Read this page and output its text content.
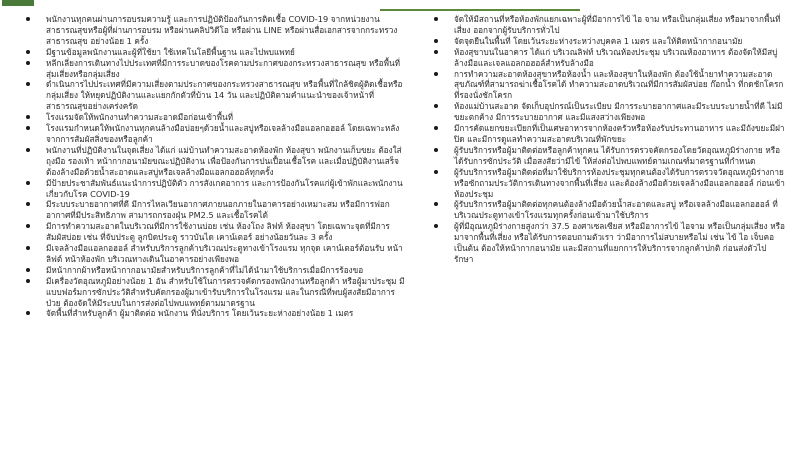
พนักงานทุกคนผ่านการอบรมความรู้ และการปฏิบัติป้องกันการติดเชื้อ COVID-19 จากหน่วยงานสาธารณสุขหรือผู้ที่ผ่านการอบรม หรือผ่านคลิปวิดีโอ หรือผ่าน LINE หรือผ่านสื่อเอกสารจากกระทรวงสาธารณสุข อย่างน้อย 1 ครั้ง
มีฐานข้อมูลพนักงานและผู้ที่ใช้ยา ใช้เทคโนโลยีพื้นฐาน และไปพบแพทย์
หลีกเลี่ยงการเดินทางไปประเทศที่มีการระบาดของโรคตามประกาศของกระทรวงสาธารณสุข หรือพื้นที่สุ่มเสี่ยงหรือกลุ่มเสี่ยง
ดำเนินการไปประเทศที่มีความเสี่ยงตามประกาศของกระทรวงสาธารณสุข หรือพื้นที่ใกล้ชิดผู้ติดเชื้อหรือกลุ่มเสี่ยง ให้หยุดปฏิบัติงานและแยกกักตัวที่บ้าน 14 วัน และปฏิบัติตามคำแนะนำของเจ้าหน้าที่สาธารณสุขอย่างเคร่งครัด
โรงแรมจัดให้พนักงานทำความสะอาดมือก่อนเข้าพื้นที่
โรงแรมกำหนดให้พนักงานทุกคนล้างมือบ่อยๆด้วยน้ำและสบู่หรือเจลล้างมือแอลกอฮอล์ โดยเฉพาะหลังจากการสัมผัสสิ่งของหรือลูกค้า
พนักงานที่ปฏิบัติงานในจุดเสี่ยง ได้แก่ แม่บ้านทำความสะอาดห้องพัก ห้องสุขา พนักงานเก็บขยะ ต้องใส่ถุงมือ รองเท้า หน้ากากอนามัยขณะปฏิบัติงาน เพื่อป้องกันการปนเปื้อนเชื้อโรค และเมื่อปฏิบัติงานเสร็จต้องล้างมือด้วยน้ำสะอาดและสบู่หรือเจลล้างมือแอลกอฮอล์ทุกครั้ง
มีป้ายประชาสัมพันธ์แนะนำการปฏิบัติตัว การสังเกตอาการ และการป้องกันโรคแก่ผู้เข้าพักและพนักงานเกี่ยวกับโรค COVID-19
มีระบบระบายอากาศที่ดี มีการไหลเวียนอากาศภายนอกภายในอาคารอย่างเหมาะสม หรือมีการฟอกอากาศที่มีประสิทธิภาพ สามารถกรองฝุ่น PM2.5 และเชื้อโรคได้
มีการทำความสะอาดในบริเวณที่มีการใช้งานบ่อย เช่น ห้องโถง ลิฟท์ ห้องสุขา โดยเฉพาะจุดที่มีการสัมผัสบ่อย เช่น ที่จับประตู ลูกบิดประตู ราวบันได เคาน์เตอร์ อย่างน้อยวันละ 3 ครั้ง
มีเจลล้างมือแอลกอฮอล์ สำหรับบริการลูกค้าบริเวณประตูทางเข้าโรงแรม ทุกจุด เคาน์เตอร์ต้อนรับ หน้าลิฟต์ หน้าห้องพัก บริเวณทางเดินในอาคารอย่างเพียงพอ
มีหน้ากากผ้าหรือหน้ากากอนามัยสำหรับบริการลูกค้าที่ไม่ได้นำมาใช้บริการเมื่อมีการร้องขอ
มีเครื่องวัดอุณหภูมิอย่างน้อย 1 อัน สำหรับใช้ในการตรวจคัดกรองพนักงานหรือลูกค้า หรือผู้มาประชุม มีแบบฟอร์มการซักประวัติสำหรับคัดกรองผู้มาเข้ารับบริการในโรงแรม และในกรณีที่พบผู้สงสัยมีอาการป่วย ต้องจัดให้มีระบบในการส่งต่อไปพบแพทย์ตามมาตรฐาน
จัดพื้นที่สำหรับลูกค้า ผู้มาติดต่อ พนักงาน ที่นั่งบริการ โดยเว้นระยะห่างอย่างน้อย 1 เมตร
จัดให้มีสถานที่หรือห้องพักแยกเฉพาะผู้ที่มีอาการไข้ ไอ จาม หรือเป็นกลุ่มเสี่ยง หรือมาจากพื้นที่เสี่ยง ออกจากผู้รับบริการทั่วไป
จัดจุดยืนในพื้นที่ โดยเว้นระยะห่างระหว่างบุคคล 1 เมตร และให้ติดหน้ากากอนามัย
ห้องสุขาบนในอาคาร ได้แก่ บริเวณลิฟท์ บริเวณห้องประชุม บริเวณห้องอาหาร ต้องจัดให้มีสบู่ล้างมือและเจลแอลกอฮอล์สำหรับล้างมือ
การทำความสะอาดห้องสุขาหรือห้องน้ำ และห้องสุขาในห้องพัก ต้องใช้น้ำยาทำความสะอาดสุขภัณฑ์ที่สามารถฆ่าเชื้อโรคได้ ทำความสะอาดบริเวณที่มีการสัมผัสบ่อย ก๊อกน้ำ ที่กดชักโครก ที่รองนั่งชักโครก
ห้องแม่บ้านสะอาด จัดเก็บอุปกรณ์เป็นระเบียบ มีการระบายอากาศและมีระบบระบายน้ำที่ดี ไม่มีขยะตกค้าง มีการระบายอากาศ และมีแสงสว่างเพียงพอ
มีการคัดแยกขยะเปียกที่เป็นเศษอาหารจากห้องครัวหรือห้องรับประทานอาหาร และมีถังขยะมีฝาปิด และมีการดูแลทำความสะอาดบริเวณที่พักขยะ
ผู้รับบริการหรือผู้มาติดต่อหรือลูกค้าทุกคน ได้รับการตรวจคัดกรองโดยวัดอุณหภูมิร่างกาย หรือ ได้รับการซักประวัติ เมื่อสงสัยว่ามีไข้ ให้ส่งต่อไปพบแพทย์ตามเกณฑ์มาตรฐานที่กำหนด
ผู้รับบริการหรือผู้มาติดต่อที่มาใช้บริการห้องประชุมทุกคนต้องได้รับการตรวจวัดอุณหภูมิร่างกาย หรือซักถามประวัติการเดินทางจากพื้นที่เสี่ยง และต้องล้างมือด้วยเจลล้างมือแอลกอฮอล์ ก่อนเข้าห้องประชุม
ผู้รับบริการหรือผู้มาติดต่อทุกคนต้องล้างมือด้วยน้ำสะอาดและสบู่ หรือเจลล้างมือแอลกอฮอล์ ที่บริเวณประตูทางเข้าโรงแรมทุกครั้งก่อนเข้ามาใช้บริการ
ผู้ที่มีอุณหภูมิร่างกายสูงกว่า 37.5 องศาเซลเซียส หรือมีอาการไข้ ไอจาม หรือเป็นกลุ่มเสี่ยง หรือมาจากพื้นที่เสี่ยง หรือได้รับการตอบถามตัวเรา ว่ามีอาการไม่สบายหรือไม่ เช่น ไข้ ไอ เจ็บคอ เป็นต้น ต้องให้หน้ากากอนามัย และมีสถานที่แยกการให้บริการจากลูกค้าปกติ ก่อนส่งตัวไปรักษา
